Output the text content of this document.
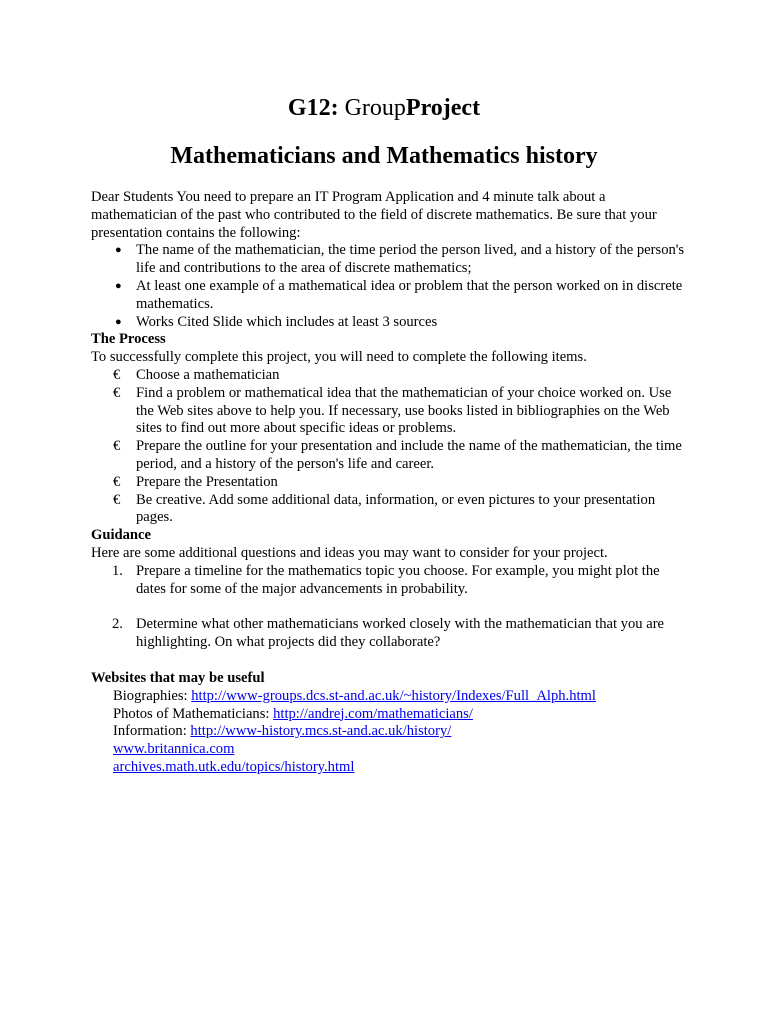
G12: GroupProject
Mathematicians and Mathematics history

Dear Students You need to prepare an IT Program Application and 4 minute talk about a mathematician of the past who contributed to the field of discrete mathematics. Be sure that your presentation contains the following:

● The name of the mathematician, the time period the person lived, and a history of the person's life and contributions to the area of discrete mathematics;
● At least one example of a mathematical idea or problem that the person worked on in discrete mathematics.
● Works Cited Slide which includes at least 3 sources

The Process

To successfully complete this project, you will need to complete the following items.

€	Choose a mathematician
€	Find a problem or mathematical idea that the mathematician of your choice worked on. Use the Web sites above to help you. If necessary, use books listed in bibliographies on the Web sites to find out more about specific ideas or problems.
€	Prepare the outline for your presentation and include the name of the mathematician, the time period, and a history of the person's life and career.
€	Prepare the Presentation
€	Be creative. Add some additional data, information, or even pictures to your presentation pages.

Guidance

Here are some additional questions and ideas you may want to consider for your project.

1. Prepare a timeline for the mathematics topic you choose. For example, you might plot the dates for some of the major advancements in probability.
2. Determine what other mathematicians worked closely with the mathematician that you are highlighting. On what projects did they collaborate?

Websites that may be useful

Biographies: http://www-groups.dcs.st-and.ac.uk/~history/Indexes/Full_Alph.html
Photos of Mathematicians: http://andrej.com/mathematicians/
Information: http://www-history.mcs.st-and.ac.uk/history/
www.britannica.com
archives.math.utk.edu/topics/history.html
